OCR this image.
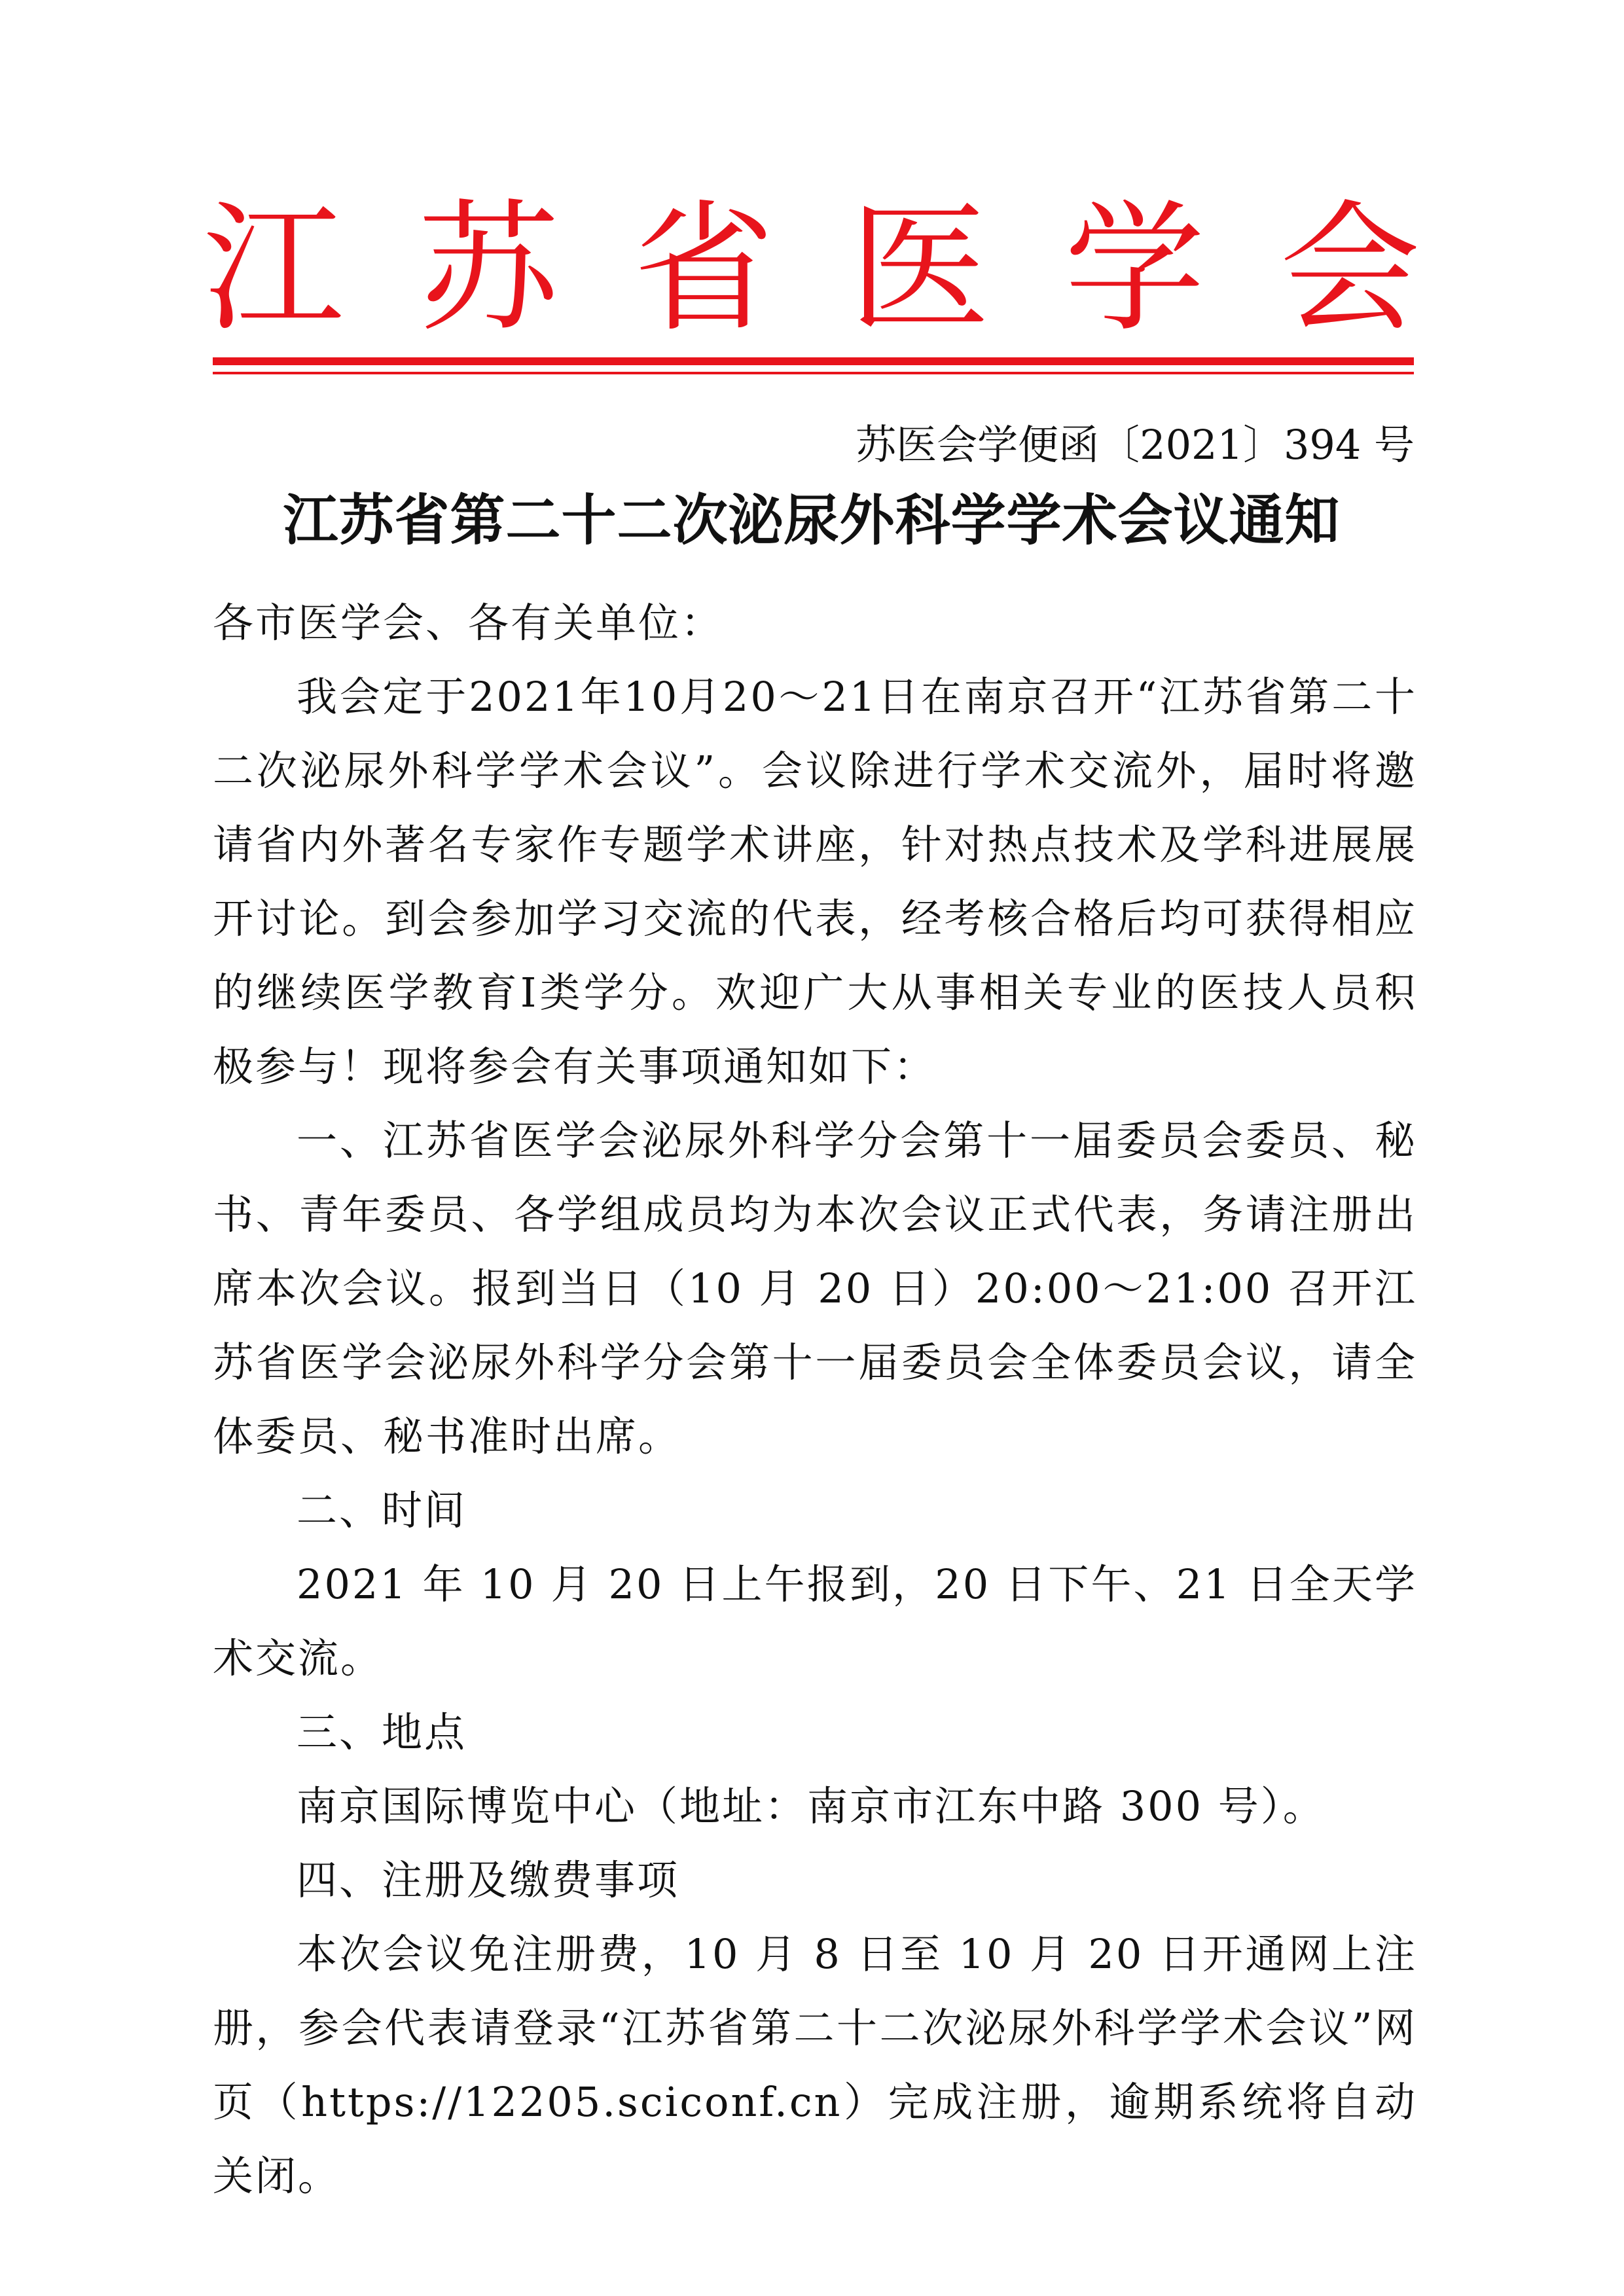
江 苏 省 医 学 会
苏医会学便函〔2021〕394 号
江苏省第二十二次泌尿外科学学术会议通知

各市医学会、各有关单位：

我会定于2021年10月20～21日在南京召开“江苏省第二十二次泌尿外科学学术会议”。会议除进行学术交流外，届时将邀请省内外著名专家作专题学术讲座，针对热点技术及学科进展展开讨论。到会参加学习交流的代表，经考核合格后均可获得相应的继续医学教育I类学分。欢迎广大从事相关专业的医技人员积极参与！现将参会有关事项通知如下：

一、江苏省医学会泌尿外科学分会第十一届委员会委员、秘书、青年委员、各学组成员均为本次会议正式代表，务请注册出席本次会议。报到当日（10 月 20 日）20:00～21:00 召开江苏省医学会泌尿外科学分会第十一届委员会全体委员会议，请全体委员、秘书准时出席。

二、时间

2021 年 10 月 20 日上午报到，20 日下午、21 日全天学术交流。

三、地点

南京国际博览中心（地址：南京市江东中路 300 号）。

四、注册及缴费事项

本次会议免注册费，10 月 8 日至 10 月 20 日开通网上注册，参会代表请登录“江苏省第二十二次泌尿外科学学术会议”网页（https://12205.sciconf.cn）完成注册，逾期系统将自动关闭。
